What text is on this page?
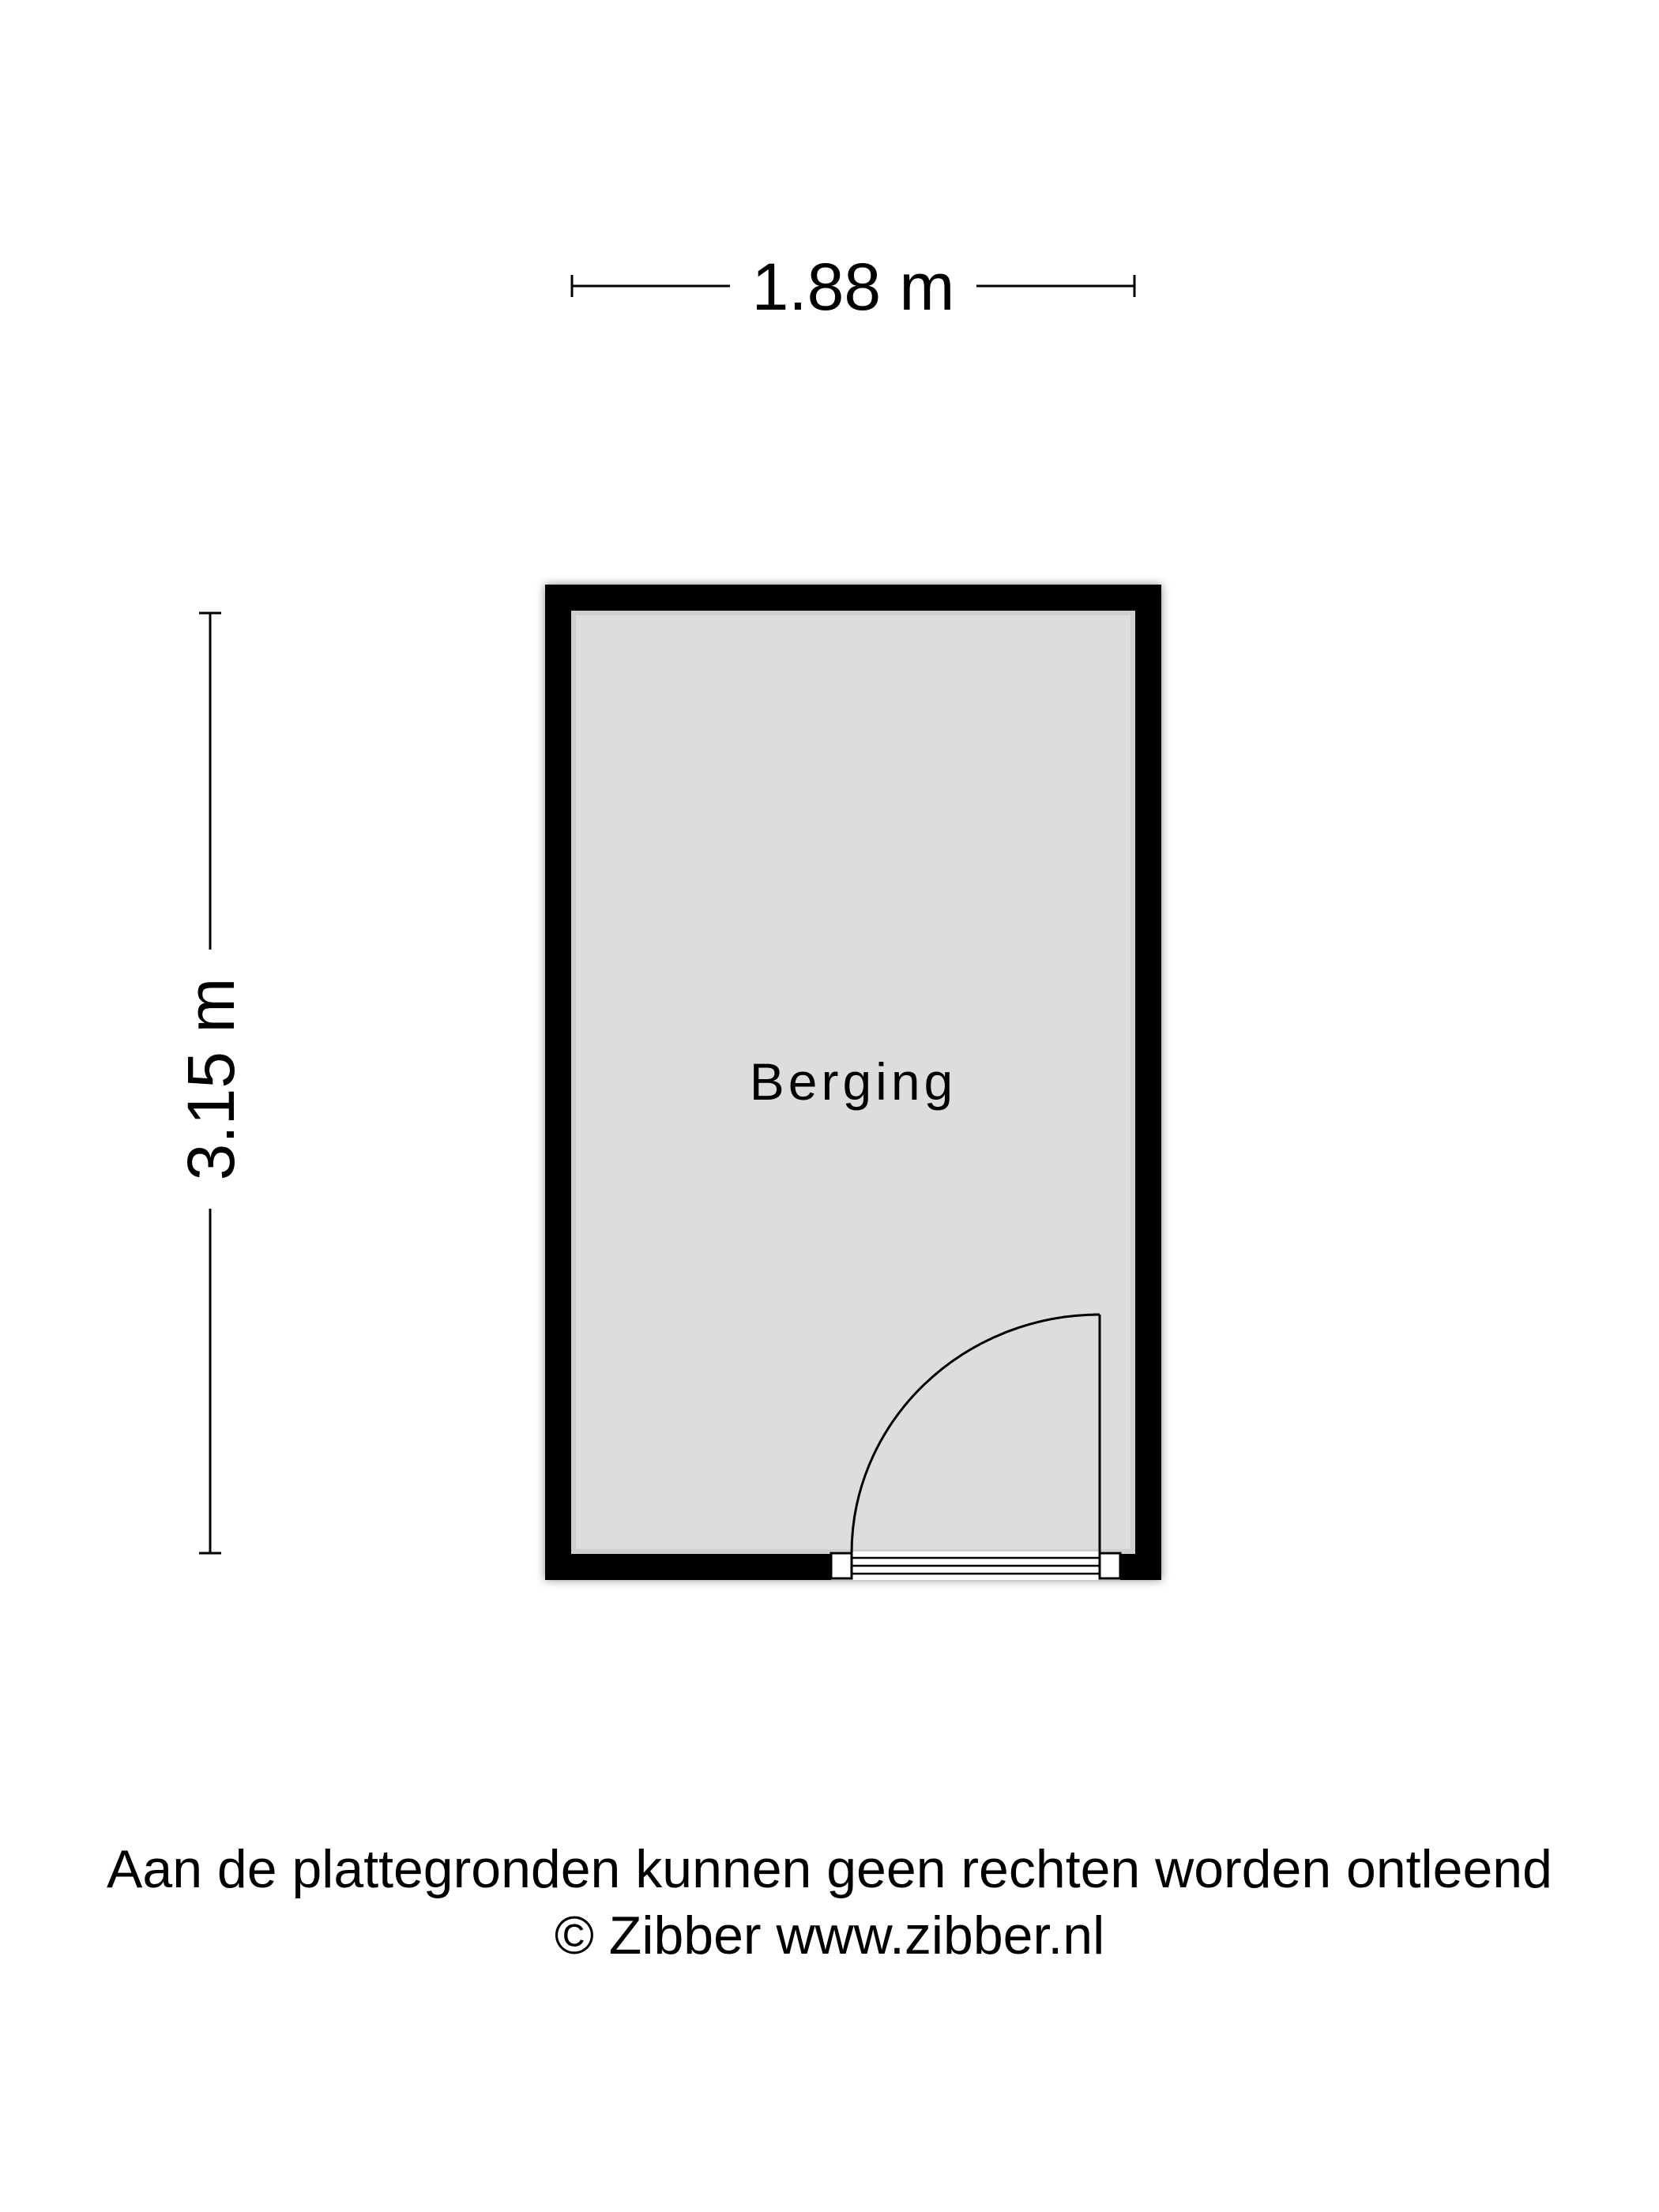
1.88 m
3.15 m	Berging
Aan de plattegronden kunnen geen rechten worden ontleend
© Zibber www.zibber.nl
